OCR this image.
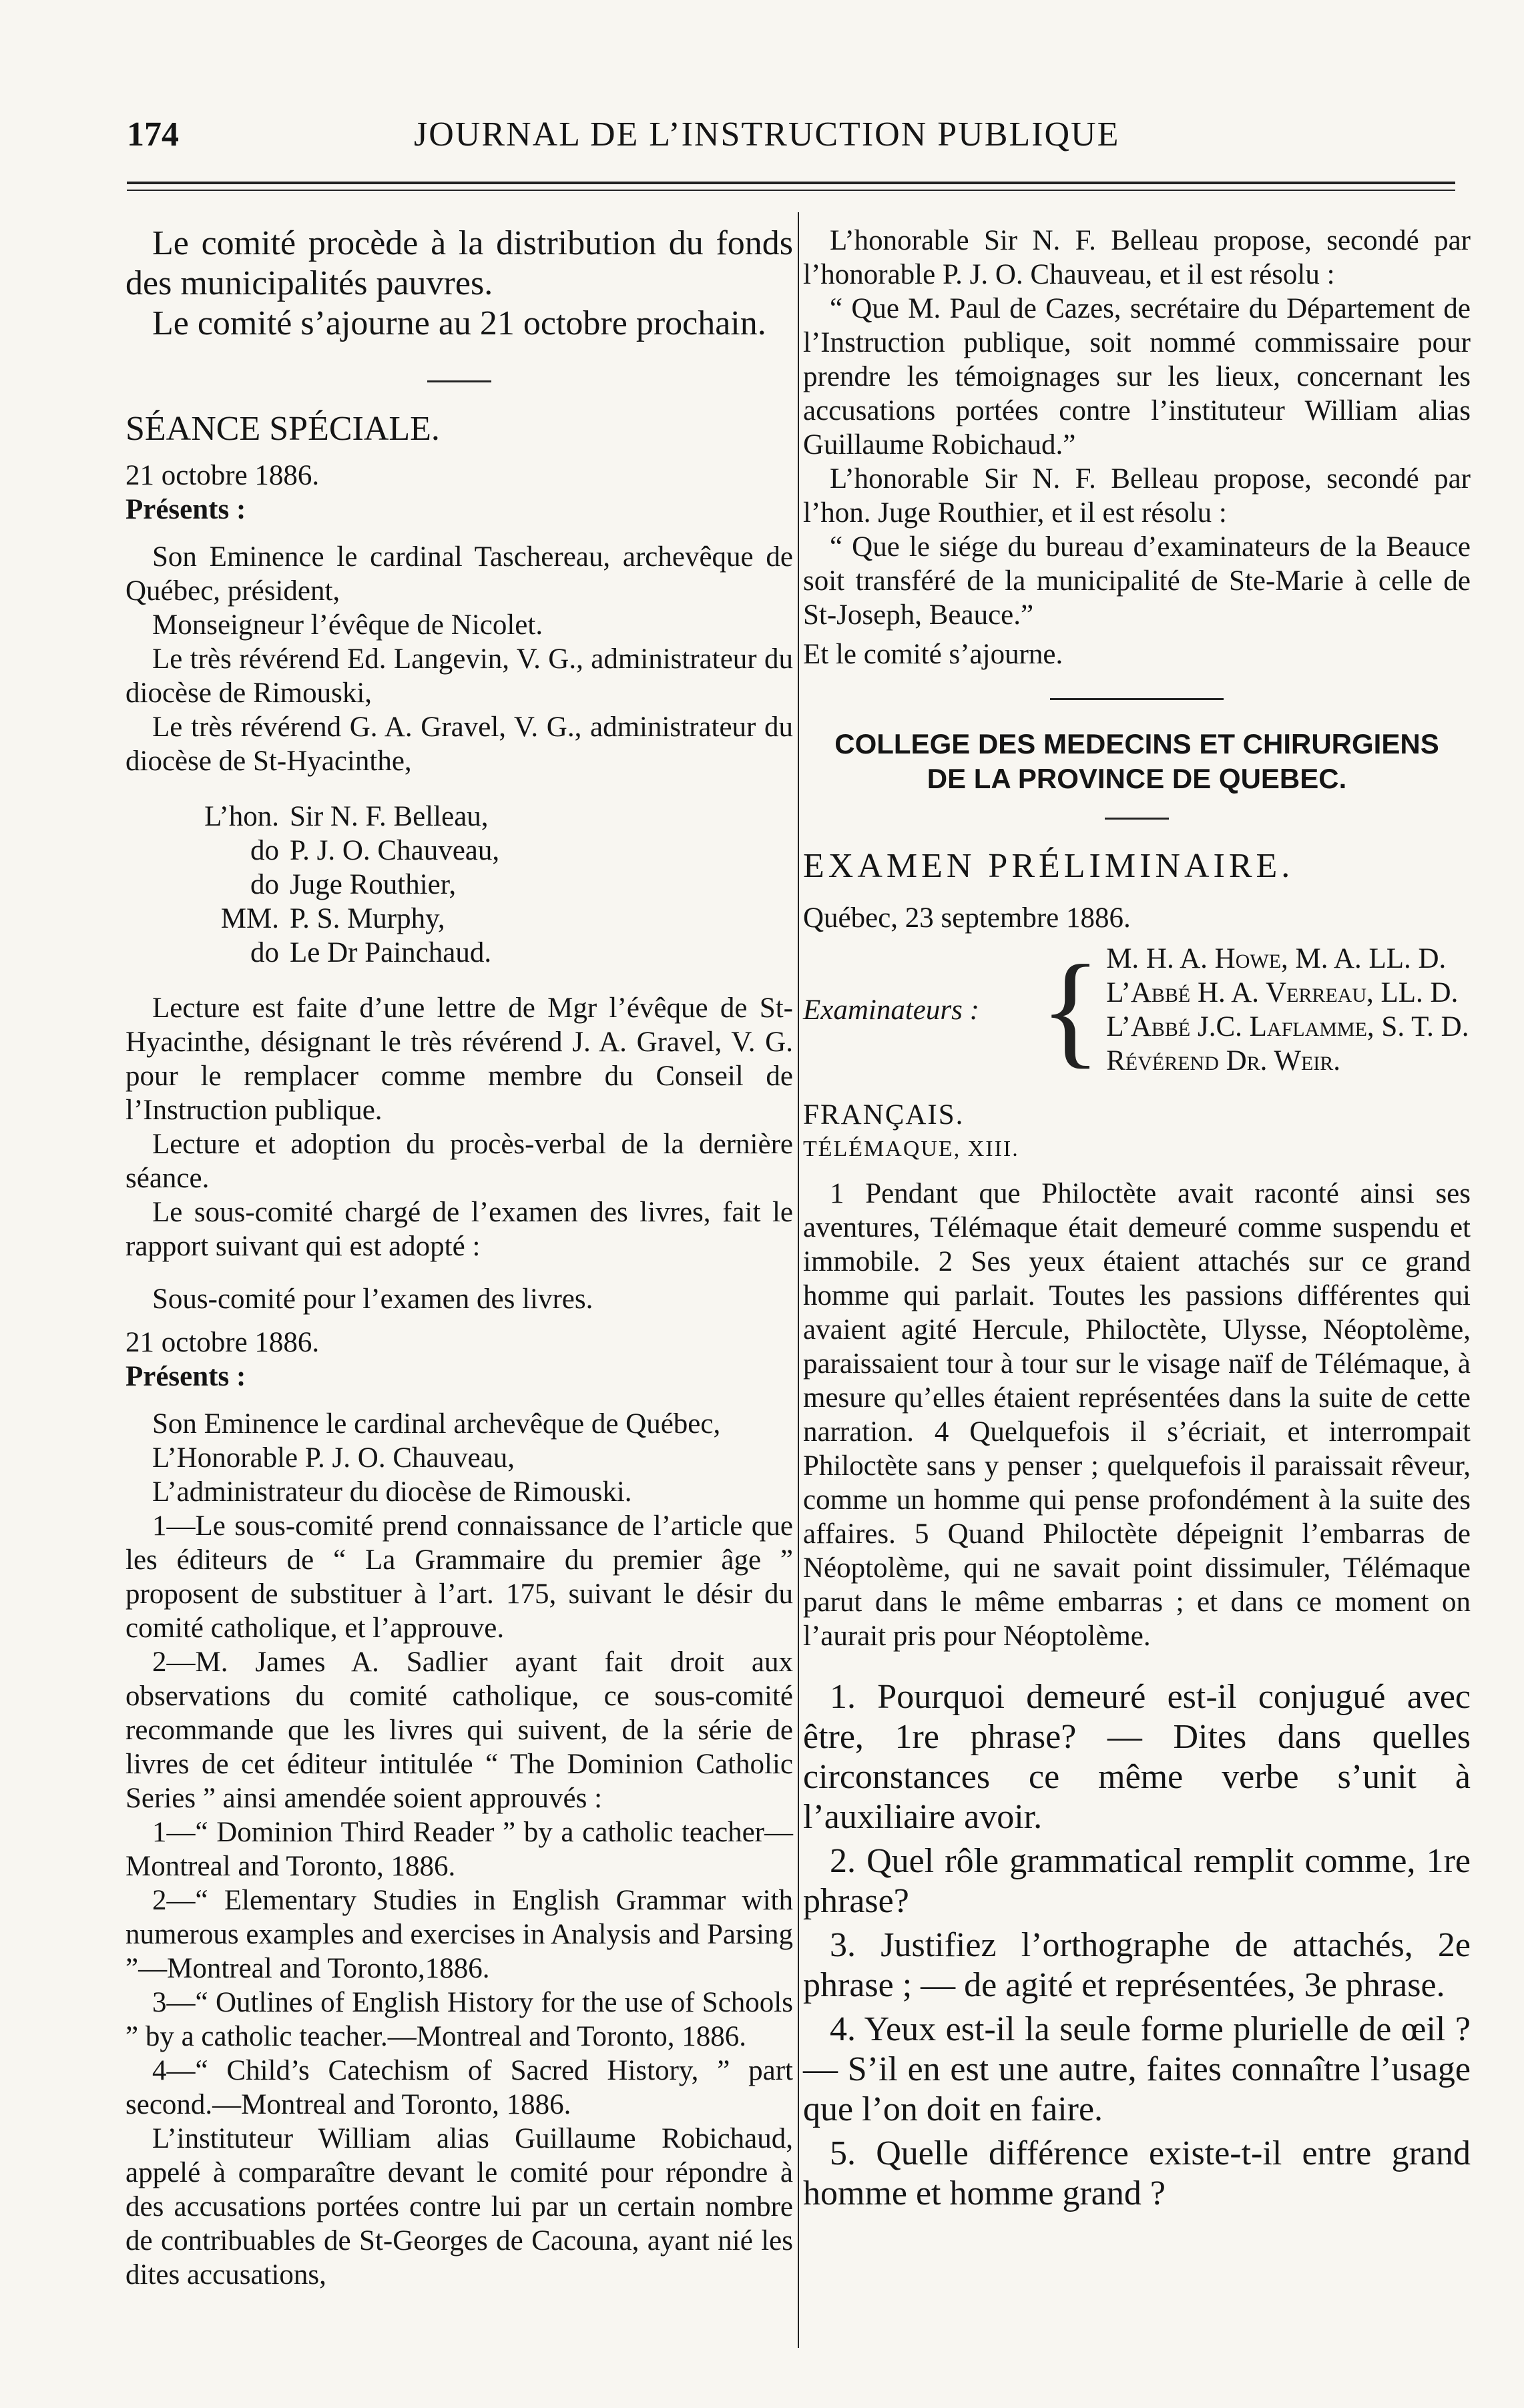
174	JOURNAL DE L’INSTRUCTION PUBLIQUE

Le comité procède à la distribution du fonds des municipalités pauvres.

Le comité s’ajourne au 21 octobre prochain.

SÉANCE SPÉCIALE.

21 octobre 1886.

Présents :

Son Eminence le cardinal Taschereau, archevêque de Québec, président,

Monseigneur l’évêque de Nicolet.

Le très révérend Ed. Langevin, V. G., administrateur du diocèse de Rimouski,

Le très révérend G. A. Gravel, V. G., administrateur du diocèse de St-Hyacinthe,

L’hon. Sir N. F. Belleau,
do P. J. O. Chauveau,
do Juge Routhier,
MM. P. S. Murphy,
do Le Dr Painchaud.

Lecture est faite d’une lettre de Mgr l’évêque de St-Hyacinthe, désignant le très révérend J. A. Gravel, V. G. pour le remplacer comme membre du Conseil de l’Instruction publique.

Lecture et adoption du procès-verbal de la dernière séance.

Le sous-comité chargé de l’examen des livres, fait le rapport suivant qui est adopté :

Sous-comité pour l’examen des livres.

21 octobre 1886.

Présents :

Son Eminence le cardinal archevêque de Québec,

L’Honorable P. J. O. Chauveau,

L’administrateur du diocèse de Rimouski.

1—Le sous-comité prend connaissance de l’article que les éditeurs de “ La Grammaire du premier âge ” proposent de substituer à l’art. 175, suivant le désir du comité catholique, et l’approuve.

2—M. James A. Sadlier ayant fait droit aux observations du comité catholique, ce sous-comité recommande que les livres qui suivent, de la série de livres de cet éditeur intitulée “ The Dominion Catholic Series ” ainsi amendée soient approuvés :

1—“ Dominion Third Reader ” by a catholic teacher—Montreal and Toronto, 1886.

2—“ Elementary Studies in English Grammar with numerous examples and exercises in Analysis and Parsing ”—Montreal and Toronto,1886.

3—“ Outlines of English History for the use of Schools ” by a catholic teacher.—Montreal and Toronto, 1886.

4—“ Child’s Catechism of Sacred History, ” part second.—Montreal and Toronto, 1886.

L’instituteur William alias Guillaume Robichaud, appelé à comparaître devant le comité pour répondre à des accusations portées contre lui par un certain nombre de contribuables de St-Georges de Cacouna, ayant nié les dites accusations,

L’honorable Sir N. F. Belleau propose, secondé par l’honorable P. J. O. Chauveau, et il est résolu :

“ Que M. Paul de Cazes, secrétaire du Département de l’Instruction publique, soit nommé commissaire pour prendre les témoignages sur les lieux, concernant les accusations portées contre l’instituteur William alias Guillaume Robichaud.”

L’honorable Sir N. F. Belleau propose, secondé par l’hon. Juge Routhier, et il est résolu :

“ Que le siége du bureau d’examinateurs de la Beauce soit transféré de la municipalité de Ste-Marie à celle de St-Joseph, Beauce.”

Et le comité s’ajourne.

COLLEGE DES MEDECINS ET CHIRURGIENS
DE LA PROVINCE DE QUEBEC.

EXAMEN PRÉLIMINAIRE.

Québec, 23 septembre 1886.

Examinateurs : { M. H. A. Howe, M. A. LL. D.
L’Abbé H. A. Verreau, LL. D.
L’Abbé J.C. Laflamme, S. T. D.
Révérend Dr. Weir.

FRANÇAIS.

TÉLÉMAQUE, XIII.

1 Pendant que Philoctète avait raconté ainsi ses aventures, Télémaque était demeuré comme suspendu et immobile. 2 Ses yeux étaient attachés sur ce grand homme qui parlait. Toutes les passions différentes qui avaient agité Hercule, Philoctète, Ulysse, Néoptolème, paraissaient tour à tour sur le visage naïf de Télémaque, à mesure qu’elles étaient représentées dans la suite de cette narration. 4 Quelquefois il s’écriait, et interrompait Philoctète sans y penser ; quelquefois il paraissait rêveur, comme un homme qui pense profondément à la suite des affaires. 5 Quand Philoctète dépeignit l’embarras de Néoptolème, qui ne savait point dissimuler, Télémaque parut dans le même embarras ; et dans ce moment on l’aurait pris pour Néoptolème.

1. Pourquoi demeuré est-il conjugué avec être, 1re phrase? — Dites dans quelles circonstances ce même verbe s’unit à l’auxiliaire avoir.

2. Quel rôle grammatical remplit comme, 1re phrase?

3. Justifiez l’orthographe de attachés, 2e phrase ; — de agité et représentées, 3e phrase.

4. Yeux est-il la seule forme plurielle de œil ? — S’il en est une autre, faites connaître l’usage que l’on doit en faire.

5. Quelle différence existe-t-il entre grand homme et homme grand ?
